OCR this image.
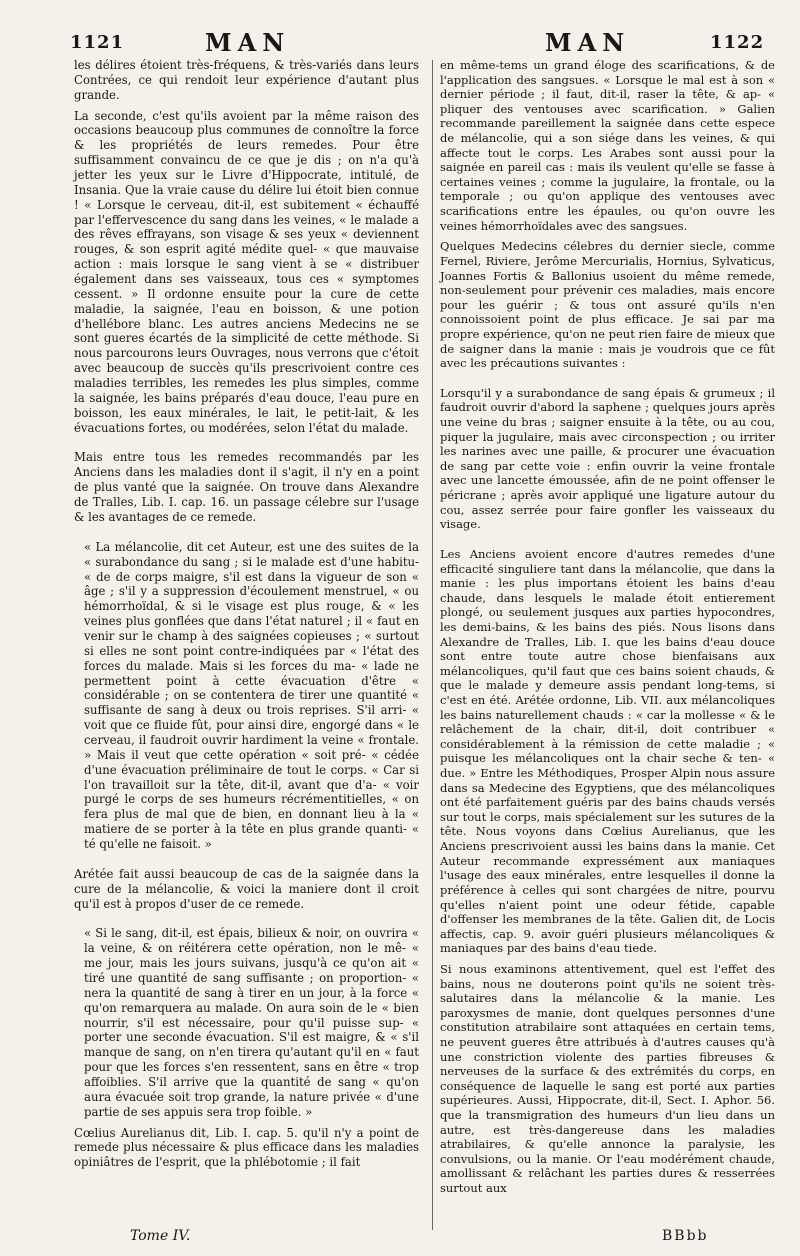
1121	MAN	MAN	1122

les délires étoient très-fréquens, & très-variés dans leurs Contrées, ce qui rendoit leur expérience d'autant plus grande.

La seconde, c'est qu'ils avoient par la même raison des occasions beaucoup plus communes de connoître la force & les propriétés de leurs remedes. Pour être suffisamment convaincu de ce que je dis ; on n'a qu'à jetter les yeux sur le Livre d'Hippocrate, intitulé, de Insania. Que la vraie cause du délire lui étoit bien connue ! « Lorsque le cerveau, dit-il, est subitement « échauffé par l'effervescence du sang dans les veines, « le malade a des rêves effrayans, son visage & ses yeux « deviennent rouges, & son esprit agité médite quel- « que mauvaise action : mais lorsque le sang vient à se « distribuer également dans ses vaisseaux, tous ces « symptomes cessent. » Il ordonne ensuite pour la cure de cette maladie, la saignée, l'eau en boisson, & une potion d'hellébore blanc. Les autres anciens Medecins ne se sont gueres écartés de la simplicité de cette méthode. Si nous parcourons leurs Ouvrages, nous verrons que c'étoit avec beaucoup de succès qu'ils prescrivoient contre ces maladies terribles, les remedes les plus simples, comme la saignée, les bains préparés d'eau douce, l'eau pure en boisson, les eaux minérales, le lait, le petit-lait, & les évacuations fortes, ou modérées, selon l'état du malade.

Mais entre tous les remedes recommandés par les Anciens dans les maladies dont il s'agit, il n'y en a point de plus vanté que la saignée. On trouve dans Alexandre de Tralles, Lib. I. cap. 16. un passage célebre sur l'usage & les avantages de ce remede.

« La mélancolie, dit cet Auteur, est une des suites de la « surabondance du sang ; si le malade est d'une habitu- « de de corps maigre, s'il est dans la vigueur de son « âge ; s'il y a suppression d'écoulement menstruel, « ou hémorrhoïdal, & si le visage est plus rouge, & « les veines plus gonflées que dans l'état naturel ; il « faut en venir sur le champ à des saignées copieuses ; « surtout si elles ne sont point contre-indiquées par « l'état des forces du malade. Mais si les forces du ma- « lade ne permettent point à cette évacuation d'être « considérable ; on se contentera de tirer une quantité « suffisante de sang à deux ou trois reprises. S'il arri- « voit que ce fluide fût, pour ainsi dire, engorgé dans « le cerveau, il faudroit ouvrir hardiment la veine « frontale. » Mais il veut que cette opération « soit pré- « cédée d'une évacuation préliminaire de tout le corps. « Car si l'on travailloit sur la tête, dit-il, avant que d'a- « voir purgé le corps de ses humeurs récrémentitielles, « on fera plus de mal que de bien, en donnant lieu à la « matiere de se porter à la tête en plus grande quanti- « té qu'elle ne faisoit. »

Arétée fait aussi beaucoup de cas de la saignée dans la cure de la mélancolie, & voici la maniere dont il croit qu'il est à propos d'user de ce remede.

« Si le sang, dit-il, est épais, bilieux & noir, on ouvrira « la veine, & on réitérera cette opération, non le mê- « me jour, mais les jours suivans, jusqu'à ce qu'on ait « tiré une quantité de sang suffisante ; on proportion- « nera la quantité de sang à tirer en un jour, à la force « qu'on remarquera au malade. On aura soin de le « bien nourrir, s'il est nécessaire, pour qu'il puisse sup- « porter une seconde évacuation. S'il est maigre, & « s'il manque de sang, on n'en tirera qu'autant qu'il en « faut pour que les forces s'en ressentent, sans en être « trop affoiblies. S'il arrive que la quantité de sang « qu'on aura évacuée soit trop grande, la nature privée « d'une partie de ses appuis sera trop foible. »

Cœlius Aurelianus dit, Lib. I. cap. 5. qu'il n'y a point de remede plus nécessaire & plus efficace dans les maladies opiniâtres de l'esprit, que la phlébotomie ; il fait

en même-tems un grand éloge des scarifications, & de l'application des sangsues. « Lorsque le mal est à son « dernier période ; il faut, dit-il, raser la tête, & ap- « pliquer des ventouses avec scarification. » Galien recommande pareillement la saignée dans cette espece de mélancolie, qui a son siége dans les veines, & qui affecte tout le corps. Les Arabes sont aussi pour la saignée en pareil cas : mais ils veulent qu'elle se fasse à certaines veines ; comme la jugulaire, la frontale, ou la temporale ; ou qu'on applique des ventouses avec scarifications entre les épaules, ou qu'on ouvre les veines hémorrhoïdales avec des sangsues.

Quelques Medecins célebres du dernier siecle, comme Fernel, Riviere, Jerôme Mercurialis, Hornius, Sylvaticus, Joannes Fortis & Ballonius usoient du même remede, non-seulement pour prévenir ces maladies, mais encore pour les guérir ; & tous ont assuré qu'ils n'en connoissoient point de plus efficace. Je sai par ma propre expérience, qu'on ne peut rien faire de mieux que de saigner dans la manie : mais je voudrois que ce fût avec les précautions suivantes :

Lorsqu'il y a surabondance de sang épais & grumeux ; il faudroit ouvrir d'abord la saphene ; quelques jours après une veine du bras ; saigner ensuite à la tête, ou au cou, piquer la jugulaire, mais avec circonspection ; ou irriter les narines avec une paille, & procurer une évacuation de sang par cette voie : enfin ouvrir la veine frontale avec une lancette émoussée, afin de ne point offenser le péricrane ; après avoir appliqué une ligature autour du cou, assez serrée pour faire gonfler les vaisseaux du visage.

Les Anciens avoient encore d'autres remedes d'une efficacité singuliere tant dans la mélancolie, que dans la manie : les plus importans étoient les bains d'eau chaude, dans lesquels le malade étoit entierement plongé, ou seulement jusques aux parties hypocondres, les demi-bains, & les bains des piés. Nous lisons dans Alexandre de Tralles, Lib. I. que les bains d'eau douce sont entre toute autre chose bienfaisans aux mélancoliques, qu'il faut que ces bains soient chauds, & que le malade y demeure assis pendant long-tems, si c'est en été. Arétée ordonne, Lib. VII. aux mélancoliques les bains naturellement chauds : « car la mollesse « & le relâchement de la chair, dit-il, doit contribuer « considérablement à la rémission de cette maladie ; « puisque les mélancoliques ont la chair seche & ten- « due. » Entre les Méthodiques, Prosper Alpin nous assure dans sa Medecine des Egyptiens, que des mélancoliques ont été parfaitement guéris par des bains chauds versés sur tout le corps, mais spécialement sur les sutures de la tête. Nous voyons dans Cœlius Aurelianus, que les Anciens prescrivoient aussi les bains dans la manie. Cet Auteur recommande expressément aux maniaques l'usage des eaux minérales, entre lesquelles il donne la préférence à celles qui sont chargées de nitre, pourvu qu'elles n'aient point une odeur fétide, capable d'offenser les membranes de la tête. Galien dit, de Locis affectis, cap. 9. avoir guéri plusieurs mélancoliques & maniaques par des bains d'eau tiede.

Si nous examinons attentivement, quel est l'effet des bains, nous ne douterons point qu'ils ne soient très-salutaires dans la mélancolie & la manie. Les paroxysmes de manie, dont quelques personnes d'une constitution atrabilaire sont attaquées en certain tems, ne peuvent gueres être attribués à d'autres causes qu'à une constriction violente des parties fibreuses & nerveuses de la surface & des extrémités du corps, en conséquence de laquelle le sang est porté aux parties supérieures. Aussi, Hippocrate, dit-il, Sect. I. Aphor. 56. que la transmigration des humeurs d'un lieu dans un autre, est très-dangereuse dans les maladies atrabilaires, & qu'elle annonce la paralysie, les convulsions, ou la manie. Or l'eau modérément chaude, amollissant & relâchant les parties dures & resserrées surtout aux

Tome IV.	BBbb
